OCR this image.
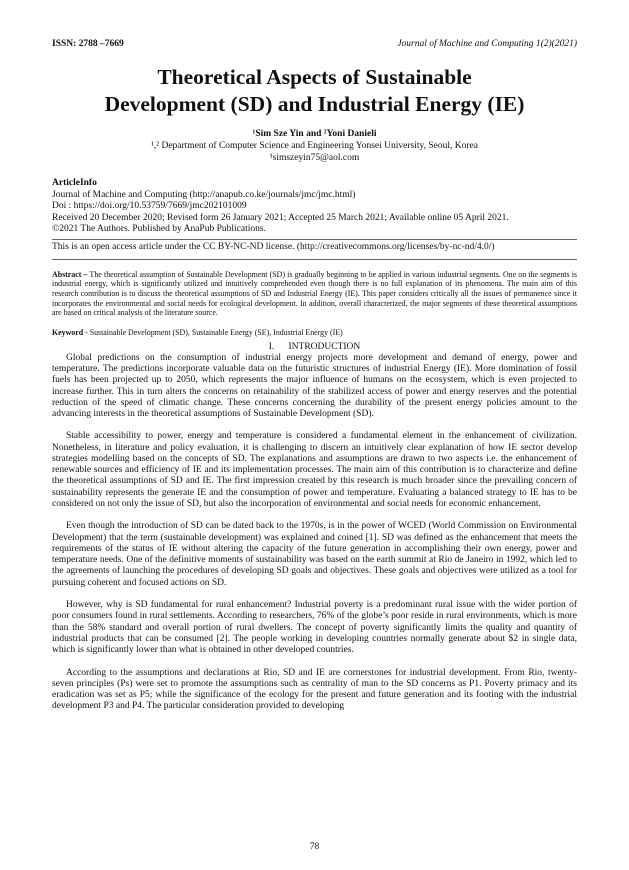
ISSN: 2788 –7669	Journal of Machine and Computing 1(2)(2021)
Theoretical Aspects of Sustainable
Development (SD) and Industrial Energy (IE)
¹Sim Sze Yin and ²Yoni Danieli
¹,² Department of Computer Science and Engineering Yonsei University, Seoul, Korea
¹simszeyin75@aol.com
ArticleInfo
Journal of Machine and Computing (http://anapub.co.ke/journals/jmc/jmc.html)
Doi : https://doi.org/10.53759/7669/jmc202101009
Received 20 December 2020; Revised form 26 January 2021; Accepted 25 March 2021; Available online 05 April 2021.
©2021 The Authors. Published by AnaPub Publications.
This is an open access article under the CC BY-NC-ND license. (http://creativecommons.org/licenses/by-nc-nd/4.0/)
Abstract – The theoretical assumption of Sustainable Development (SD) is gradually beginning to be applied in various industrial segments. One on the segments is industrial energy, which is significantly utilized and intuitively comprehended even though there is no full explanation of its phenomena. The main aim of this research contribution is to discuss the theoretical assumptions of SD and Industrial Energy (IE). This paper considers critically all the issues of permanence since it incorporates the environmental and social needs for ecological development. In addition, overall characterized, the major segments of these theoretical assumptions are based on critical analysis of the literature source.
Keyword - Sustainable Development (SD), Sustainable Energy (SE), Industrial Energy (IE)
I.      INTRODUCTION

Global predictions on the consumption of industrial energy projects more development and demand of energy, power and temperature. The predictions incorporate valuable data on the futuristic structures of industrial Energy (IE). More domination of fossil fuels has been projected up to 2050, which represents the major influence of humans on the ecosystem, which is even projected to increase further. This in turn alters the concerns on retainability of the stabilized access of power and energy reserves and the potential reduction of the speed of climatic change. These concerns concerning the durability of the present energy policies amount to the advancing interests in the theoretical assumptions of Sustainable Development (SD).

Stable accessibility to power, energy and temperature is considered a fundamental element in the enhancement of civilization. Nonetheless, in literature and policy evaluation, it is challenging to discern an intuitively clear explanation of how IE sector develop strategies modelling based on the concepts of SD. The explanations and assumptions are drawn to two aspects i.e. the enhancement of renewable sources and efficiency of IE and its implementation processes. The main aim of this contribution is to characterize and define the theoretical assumptions of SD and IE. The first impression created by this research is much broader since the prevailing concern of sustainability represents the generate IE and the consumption of power and temperature. Evaluating a balanced strategy to IE has to be considered on not only the issue of SD, but also the incorporation of environmental and social needs for economic enhancement.

Even though the introduction of SD can be dated back to the 1970s, is in the power of WCED (World Commission on Environmental Development) that the term (sustainable development) was explained and coined [1]. SD was defined as the enhancement that meets the requirements of the status of IE without altering the capacity of the future generation in accomplishing their own energy, power and temperature needs. One of the definitive moments of sustainability was based on the earth summit at Rio de Janeiro in 1992, which led to the agreements of launching the procedures of developing SD goals and objectives. These goals and objectives were utilized as a tool for pursuing coherent and focused actions on SD.

However, why is SD fundamental for rural enhancement? Industrial poverty is a predominant rural issue with the wider portion of poor consumers found in rural settlements. According to researchers, 76% of the globe’s poor reside in rural environments, which is more than the 58% standard and overall portion of rural dwellers. The concept of poverty significantly limits the quality and quantity of industrial products that can be consumed [2]. The people working in developing countries normally generate about $2 in single data, which is significantly lower than what is obtained in other developed countries.

According to the assumptions and declarations at Rio, SD and IE are cornerstones for industrial development. From Rio, twenty-seven principles (Ps) were set to promote the assumptions such as centrality of man to the SD concerns as P1. Poverty primacy and its eradication was set as P5; while the significance of the ecology for the present and future generation and its footing with the industrial development P3 and P4. The particular consideration provided to developing

78
